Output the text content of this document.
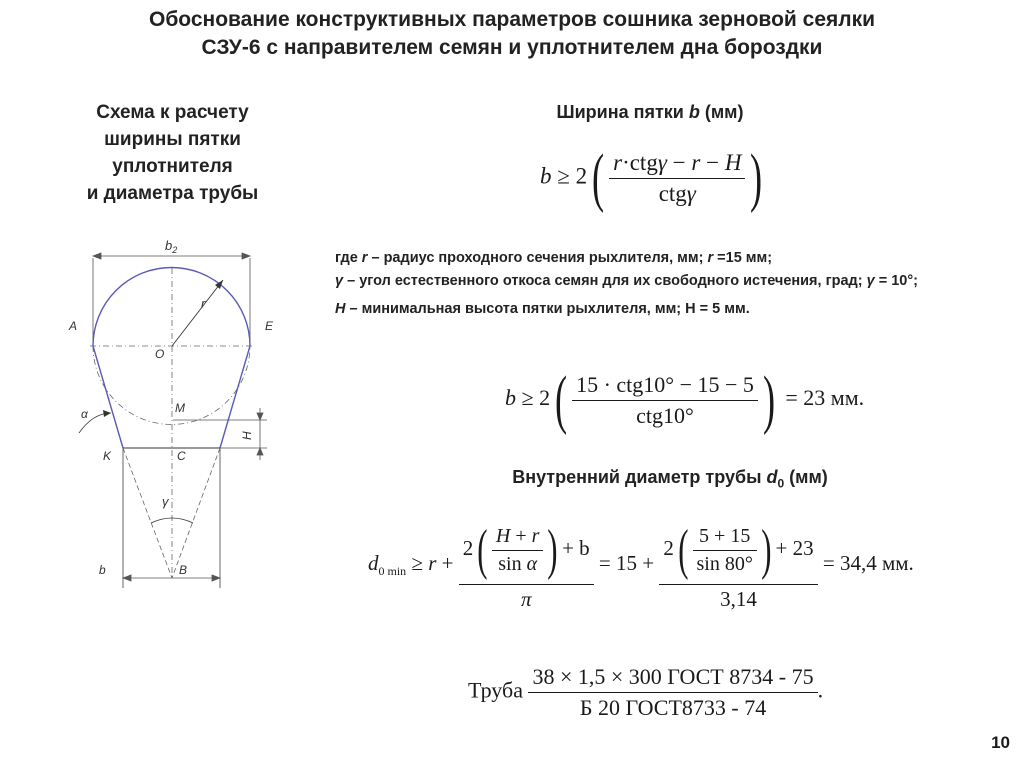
Обоснование конструктивных параметров сошника зерновой сеялки
СЗУ-6 с направителем семян и уплотнителем дна бороздки
Схема к расчету
ширины пятки
уплотнителя
и диаметра трубы
$b_2$
r
H
γ
α
A	E
O
M
K	C
b	B
Ширина пятки b (мм)
$b \ge 2( \frac{\text{r·ctgγ − r − H}}{\text{ctgγ}}$ )

где r – радиус проходного сечения рыхлителя, мм; r =15 мм;

γ – угол естественного откоса семян для их свободного истечения, град; γ = 10°;

H – минимальная высота пятки рыхлителя, мм; H = 5 мм.

$b \ge 2( \frac{\text{15 · ctg10° − 15 − 5}}{\text{ctg10°}}$ ) = 23 мм.
Внутренний диаметр трубы $d_0$ (мм)
$d_{0 min} \ge r + \frac{2( \frac{H + r}{\text{sin α}} ) + b}{\pi} = 15 + \frac{2( \frac{5 + 15}{\sin 80^\circ} ) + 23}{3,14} = 34,4$ мм.
Труба $\frac{\text{38 × 1,5 × 300 ГОСТ 8734 - 75}}{\text{Б 20 ГОСТ8733 - 74}}$ .
10
